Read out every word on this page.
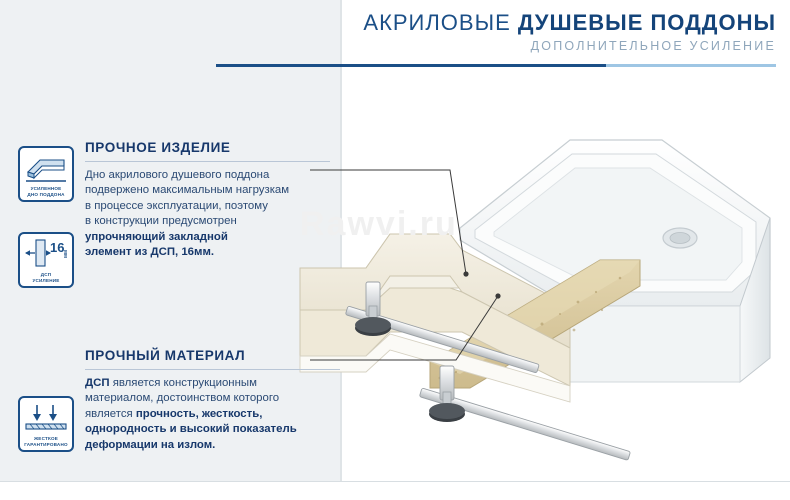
АКРИЛОВЫЕ ДУШЕВЫЕ ПОДДОНЫ
ДОПОЛНИТЕЛЬНОЕ УСИЛЕНИЕ
Rawvi.ru
ПРОЧНОЕ ИЗДЕЛИЕ
Дно акрилового душевого поддона
подвержено максимальным нагрузкам
в процессе эксплуатации, поэтому
в конструкции предусмотрен
упрочняющий закладной
элемент из ДСП, 16мм.
ПРОЧНЫЙ МАТЕРИАЛ
ДСП является конструкционным
материалом, достоинством которого
является прочность, жесткость,
однородность и высокий показатель
деформации на излом.
УСИЛЕННОЕ
ДНО ПОДДОНА
16
мм
ДСП
УСИЛЕНИЕ
ЖЕСТКОЕ
ГАРАНТИРОВАНО
